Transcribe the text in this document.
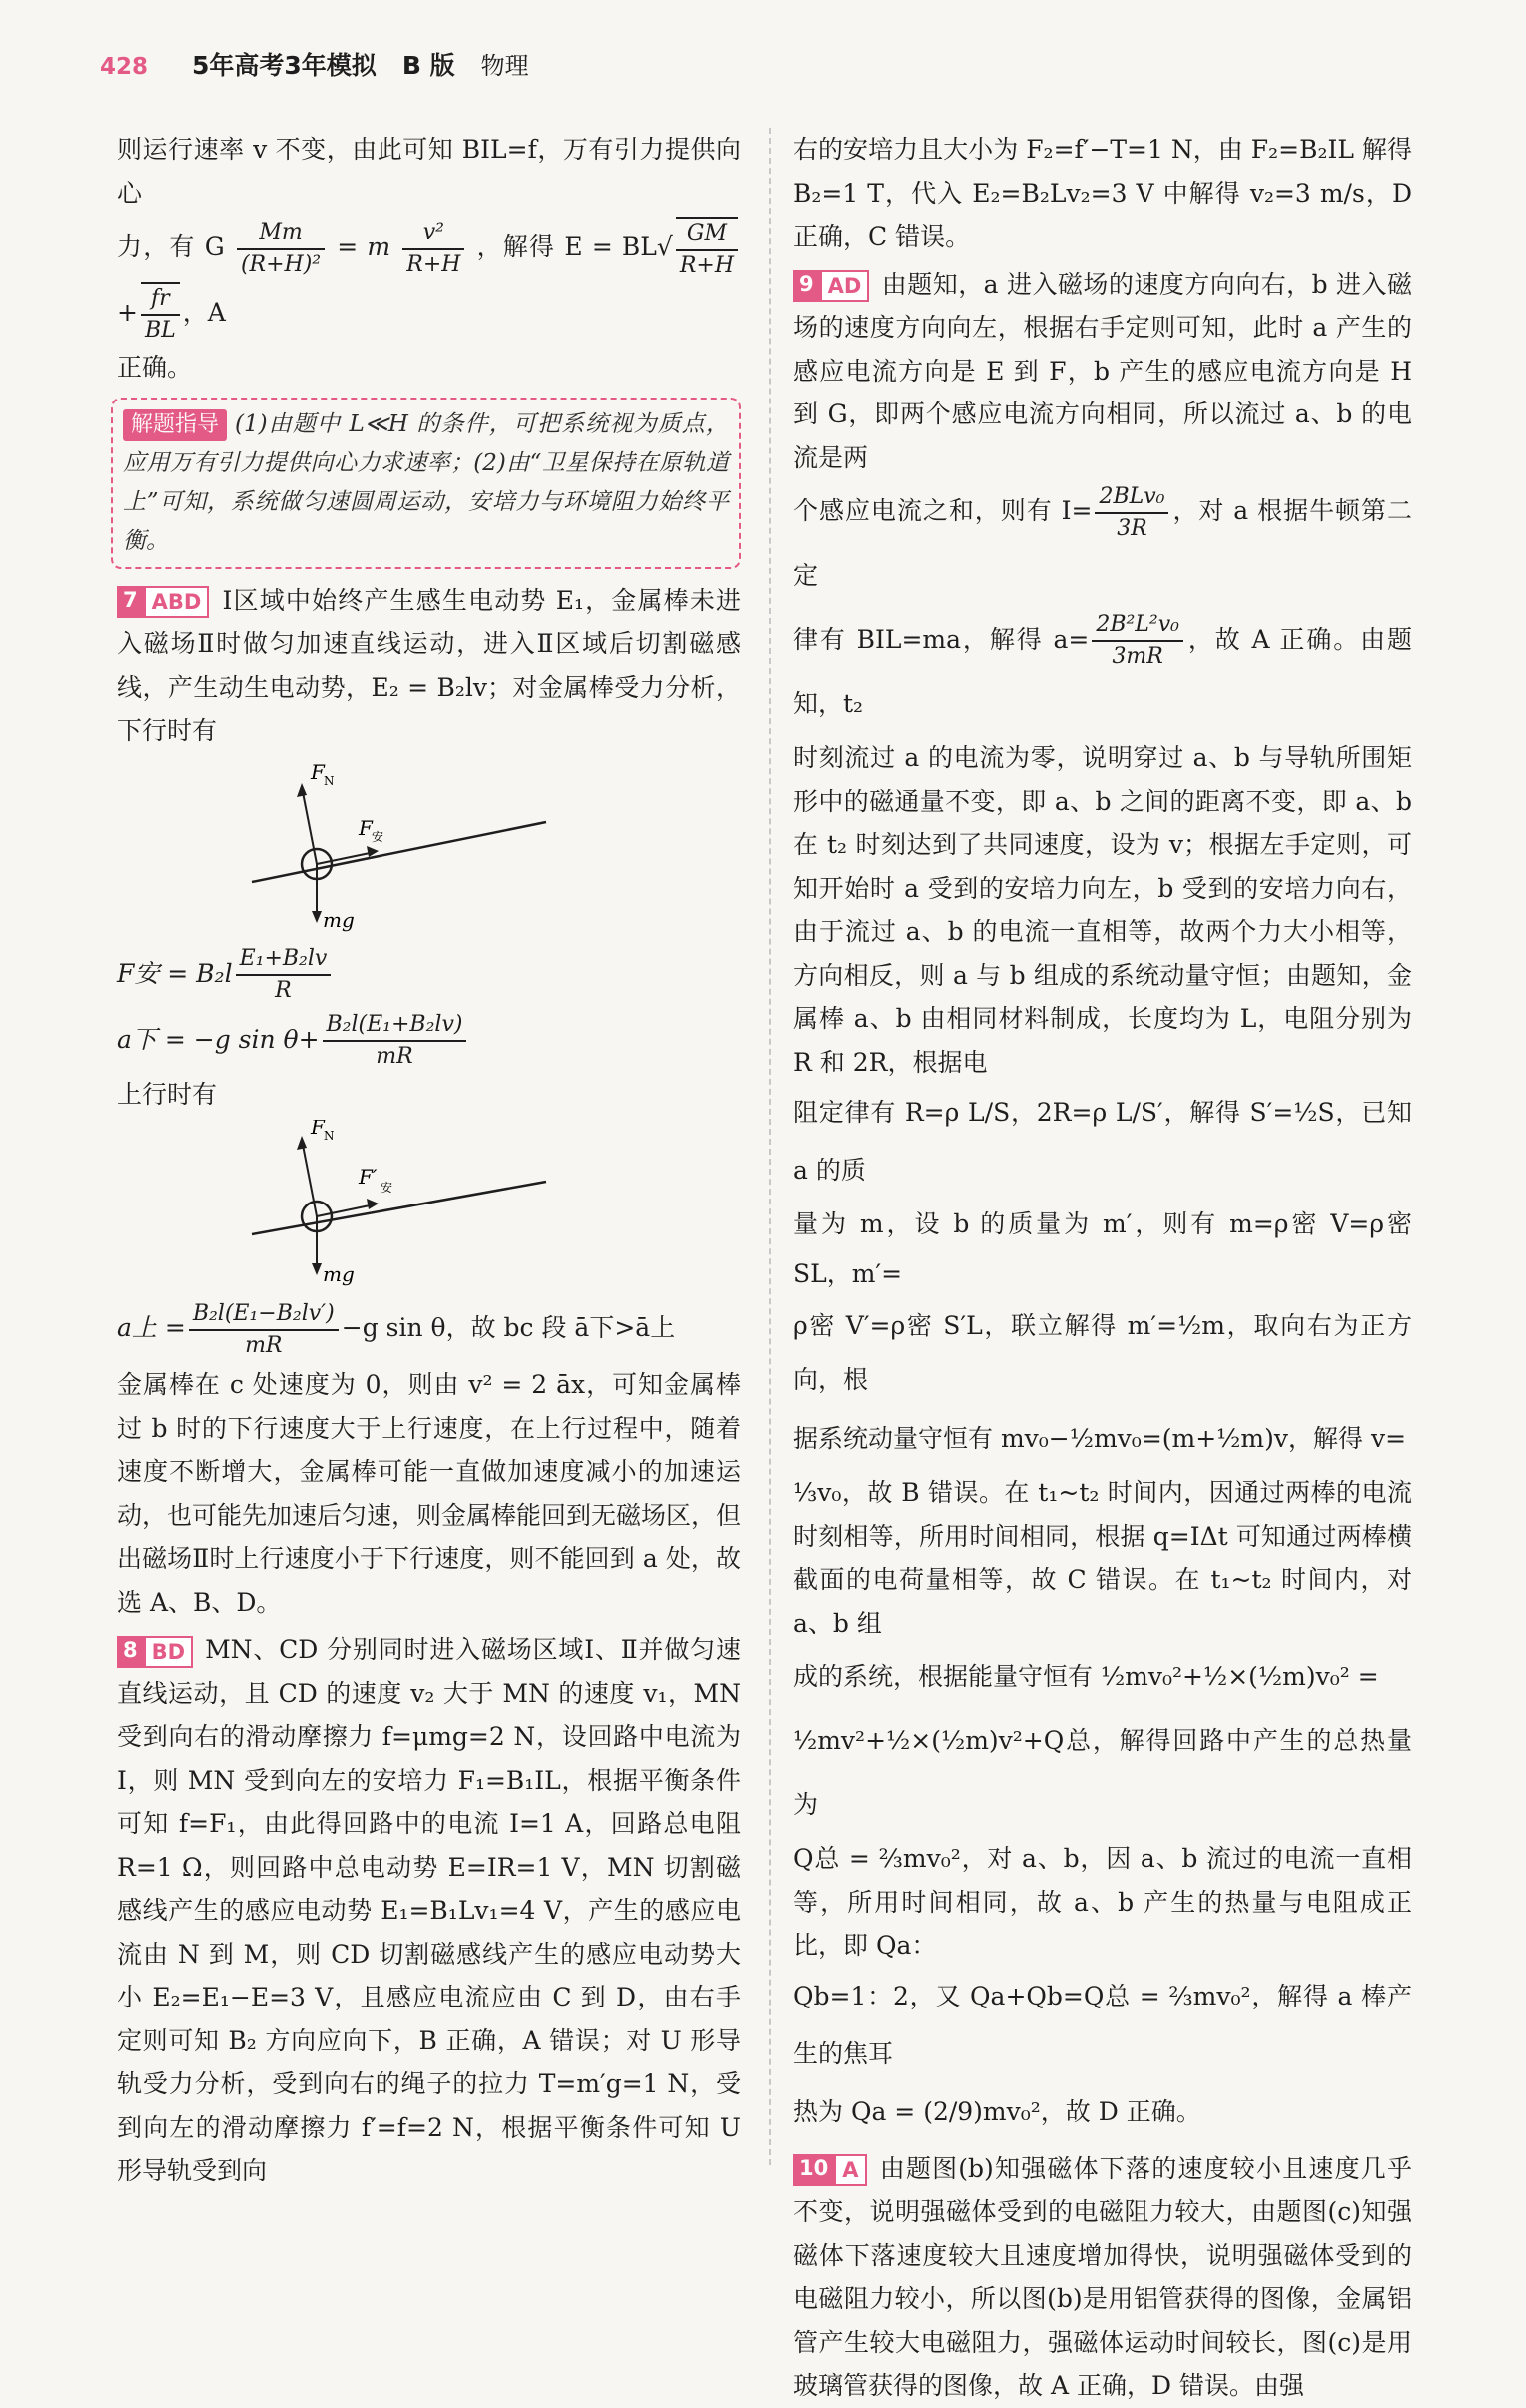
428 5年高考3年模拟 B 版 物理

则运行速率 v 不变，由此可知 BIL=f，万有引力提供向心

力，有 G $\frac{Mm}{\text{(R+H)²}} = m \frac{\text{v²}}{R+H}$ ，解得 $E = BL√ \frac{GM}{R+H}$
+ $\frac{fr}{BL}$ ，A

正确。

解题指导 (1)由题中 L≪H 的条件，可把系统视为质点，应用万有引力提供向心力求速率；(2)由“卫星保持在原轨道上”可知，系统做匀速圆周运动，安培力与环境阻力始终平衡。

7 ABD Ⅰ区域中始终产生感生电动势 E₁，金属棒未进入磁场Ⅱ时做匀加速直线运动，进入Ⅱ区域后切割磁感线，产生动生电动势，E₂ = B₂lv；对金属棒受力分析，下行时有

F N
F 安
mg

F安 = $B_2l \frac{\text{E₁+B₂lv}}{R}$

a下 = −g $\sin \theta+ \frac{\text{B₂l(E₁+B₂lv)}}{mR}$

上行时有

F N
F′ 安
mg

a上 = $\frac{\text{B₂l(E₁−B₂lv′)}}{mR} -g$ sin θ，故 bc 段 ā下>ā上

金属棒在 c 处速度为 0，则由 v² = 2 āx，可知金属棒过 b 时的下行速度大于上行速度，在上行过程中，随着速度不断增大，金属棒可能一直做加速度减小的加速运动，也可能先加速后匀速，则金属棒能回到无磁场区，但出磁场Ⅱ时上行速度小于下行速度，则不能回到 a 处，故选 A、B、D。

8 BD MN、CD 分别同时进入磁场区域Ⅰ、Ⅱ并做匀速直线运动，且 CD 的速度 v₂ 大于 MN 的速度 v₁，MN 受到向右的滑动摩擦力 f=μmg=2 N，设回路中电流为 I，则 MN 受到向左的安培力 F₁=B₁IL，根据平衡条件可知 f=F₁，由此得回路中的电流 I=1 A，回路总电阻 R=1 Ω，则回路中总电动势 E=IR=1 V，MN 切割磁感线产生的感应电动势 E₁=B₁Lv₁=4 V，产生的感应电流由 N 到 M，则 CD 切割磁感线产生的感应电动势大小 E₂=E₁−E=3 V，且感应电流应由 C 到 D，由右手定则可知 B₂ 方向应向下，B 正确，A 错误；对 U 形导轨受力分析，受到向右的绳子的拉力 T=m′g=1 N，受到向左的滑动摩擦力 f′=f=2 N，根据平衡条件可知 U 形导轨受到向

右的安培力且大小为 F₂=f′−T=1 N，由 F₂=B₂IL 解得 B₂=1 T，代入 E₂=B₂Lv₂=3 V 中解得 v₂=3 m/s，D 正确，C 错误。

9 AD 由题知，a 进入磁场的速度方向向右，b 进入磁场的速度方向向左，根据右手定则可知，此时 a 产生的感应电流方向是 E 到 F，b 产生的感应电流方向是 H 到 G，即两个感应电流方向相同，所以流过 a、b 的电流是两

个感应电流之和，则有 $I= \frac{\text{2BLv₀}}{3R}$ ，对 a 根据牛顿第二定

律有 BIL=ma，解得 $a= \frac{\text{2B²L²v₀}}{3mR}$ ，故 A 正确。由题知，t₂

时刻流过 a 的电流为零，说明穿过 a、b 与导轨所围矩形中的磁通量不变，即 a、b 之间的距离不变，即 a、b 在 t₂ 时刻达到了共同速度，设为 v；根据左手定则，可知开始时 a 受到的安培力向左，b 受到的安培力向右，由于流过 a、b 的电流一直相等，故两个力大小相等，方向相反，则 a 与 b 组成的系统动量守恒；由题知，金属棒 a、b 由相同材料制成，长度均为 L，电阻分别为 R 和 2R，根据电

阻定律有 R=ρ L/S，2R=ρ L/S′，解得 S′=½S，已知 a 的质

量为 m，设 b 的质量为 m′，则有 m=ρ密 V=ρ密 SL，m′=

ρ密 V′=ρ密 S′L，联立解得 m′=½m，取向右为正方向，根

据系统动量守恒有 mv₀−½mv₀=(m+½m)v，解得 v=

⅓v₀，故 B 错误。在 t₁~t₂ 时间内，因通过两棒的电流时刻相等，所用时间相同，根据 q=IΔt 可知通过两棒横截面的电荷量相等，故 C 错误。在 t₁~t₂ 时间内，对 a、b 组

成的系统，根据能量守恒有 ½mv₀²+½×(½m)v₀² =

½mv²+½×(½m)v²+Q总，解得回路中产生的总热量为

Q总 = ⅔mv₀²，对 a、b，因 a、b 流过的电流一直相等，所用时间相同，故 a、b 产生的热量与电阻成正比，即 Qa：

Qb=1：2，又 Qa+Qb=Q总 = ⅔mv₀²，解得 a 棒产生的焦耳

热为 Qa = (2/9)mv₀²，故 D 正确。

10 A 由题图(b)知强磁体下落的速度较小且速度几乎不变，说明强磁体受到的电磁阻力较大，由题图(c)知强磁体下落速度较大且速度增加得快，说明强磁体受到的电磁阻力较小，所以图(b)是用铝管获得的图像，金属铝管产生较大电磁阻力，强磁体运动时间较长，图(c)是用玻璃管获得的图像，故 A 正确，D 错误。由强
